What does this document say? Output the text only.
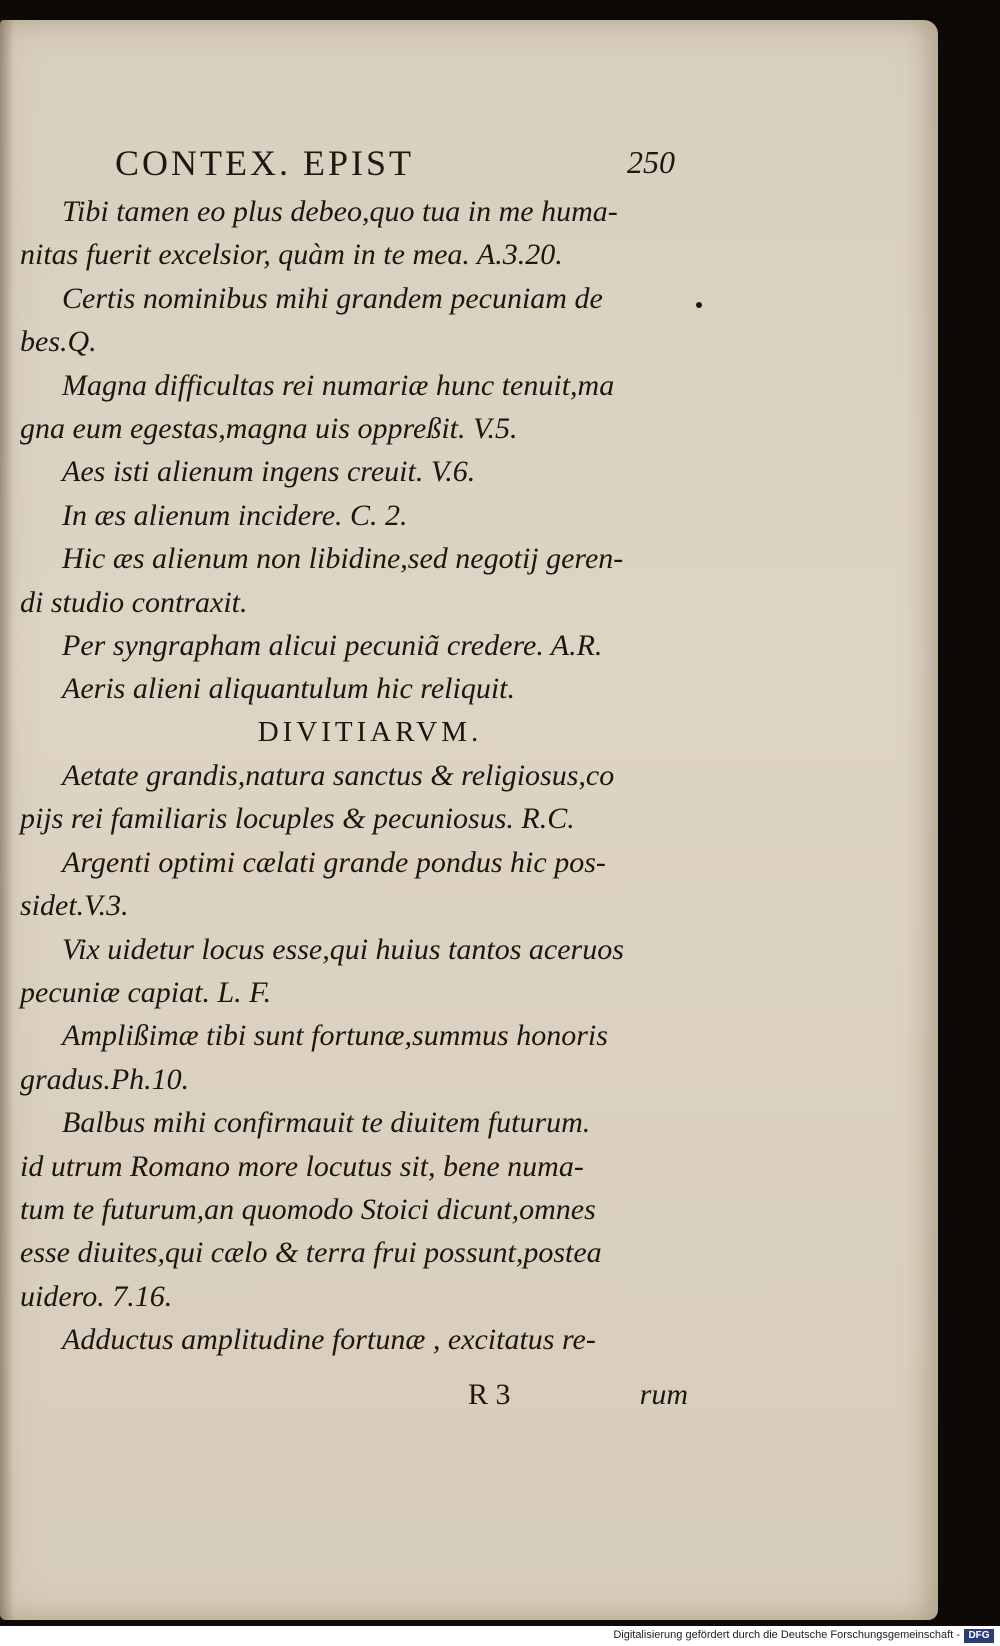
CONTEX. EPIST	250
Tibi tamen eo plus debeo,quo tua in me huma-
nitas fuerit excelsior, quàm in te mea. A.3.20.
Certis nominibus mihi grandem pecuniam de
bes.Q.
Magna difficultas rei numariæ hunc tenuit,ma
gna eum egestas,magna uis oppreßit. V.5.
Aes isti alienum ingens creuit. V.6.
In æs alienum incidere. C. 2.
Hic æs alienum non libidine,sed negotij geren-
di studio contraxit.
Per syngrapham alicui pecuniã credere. A.R.
Aeris alieni aliquantulum hic reliquit.
DIVITIARVM.
Aetate grandis,natura sanctus & religiosus,co
pijs rei familiaris locuples & pecuniosus. R.C.
Argenti optimi cælati grande pondus hic pos-
sidet.V.3.
Vix uidetur locus esse,qui huius tantos aceruos
pecuniæ capiat. L. F.
Amplißimæ tibi sunt fortunæ,summus honoris
gradus.Ph.10.
Balbus mihi confirmauit te diuitem futurum.
id utrum Romano more locutus sit, bene numa-
tum te futurum,an quomodo Stoici dicunt,omnes
esse diuites,qui cælo & terra frui possunt,postea
uidero. 7.16.
Adductus amplitudine fortunæ , excitatus re-
R 3	rum
Digitalisierung gefördert durch die Deutsche Forschungsgemeinschaft - DFG
